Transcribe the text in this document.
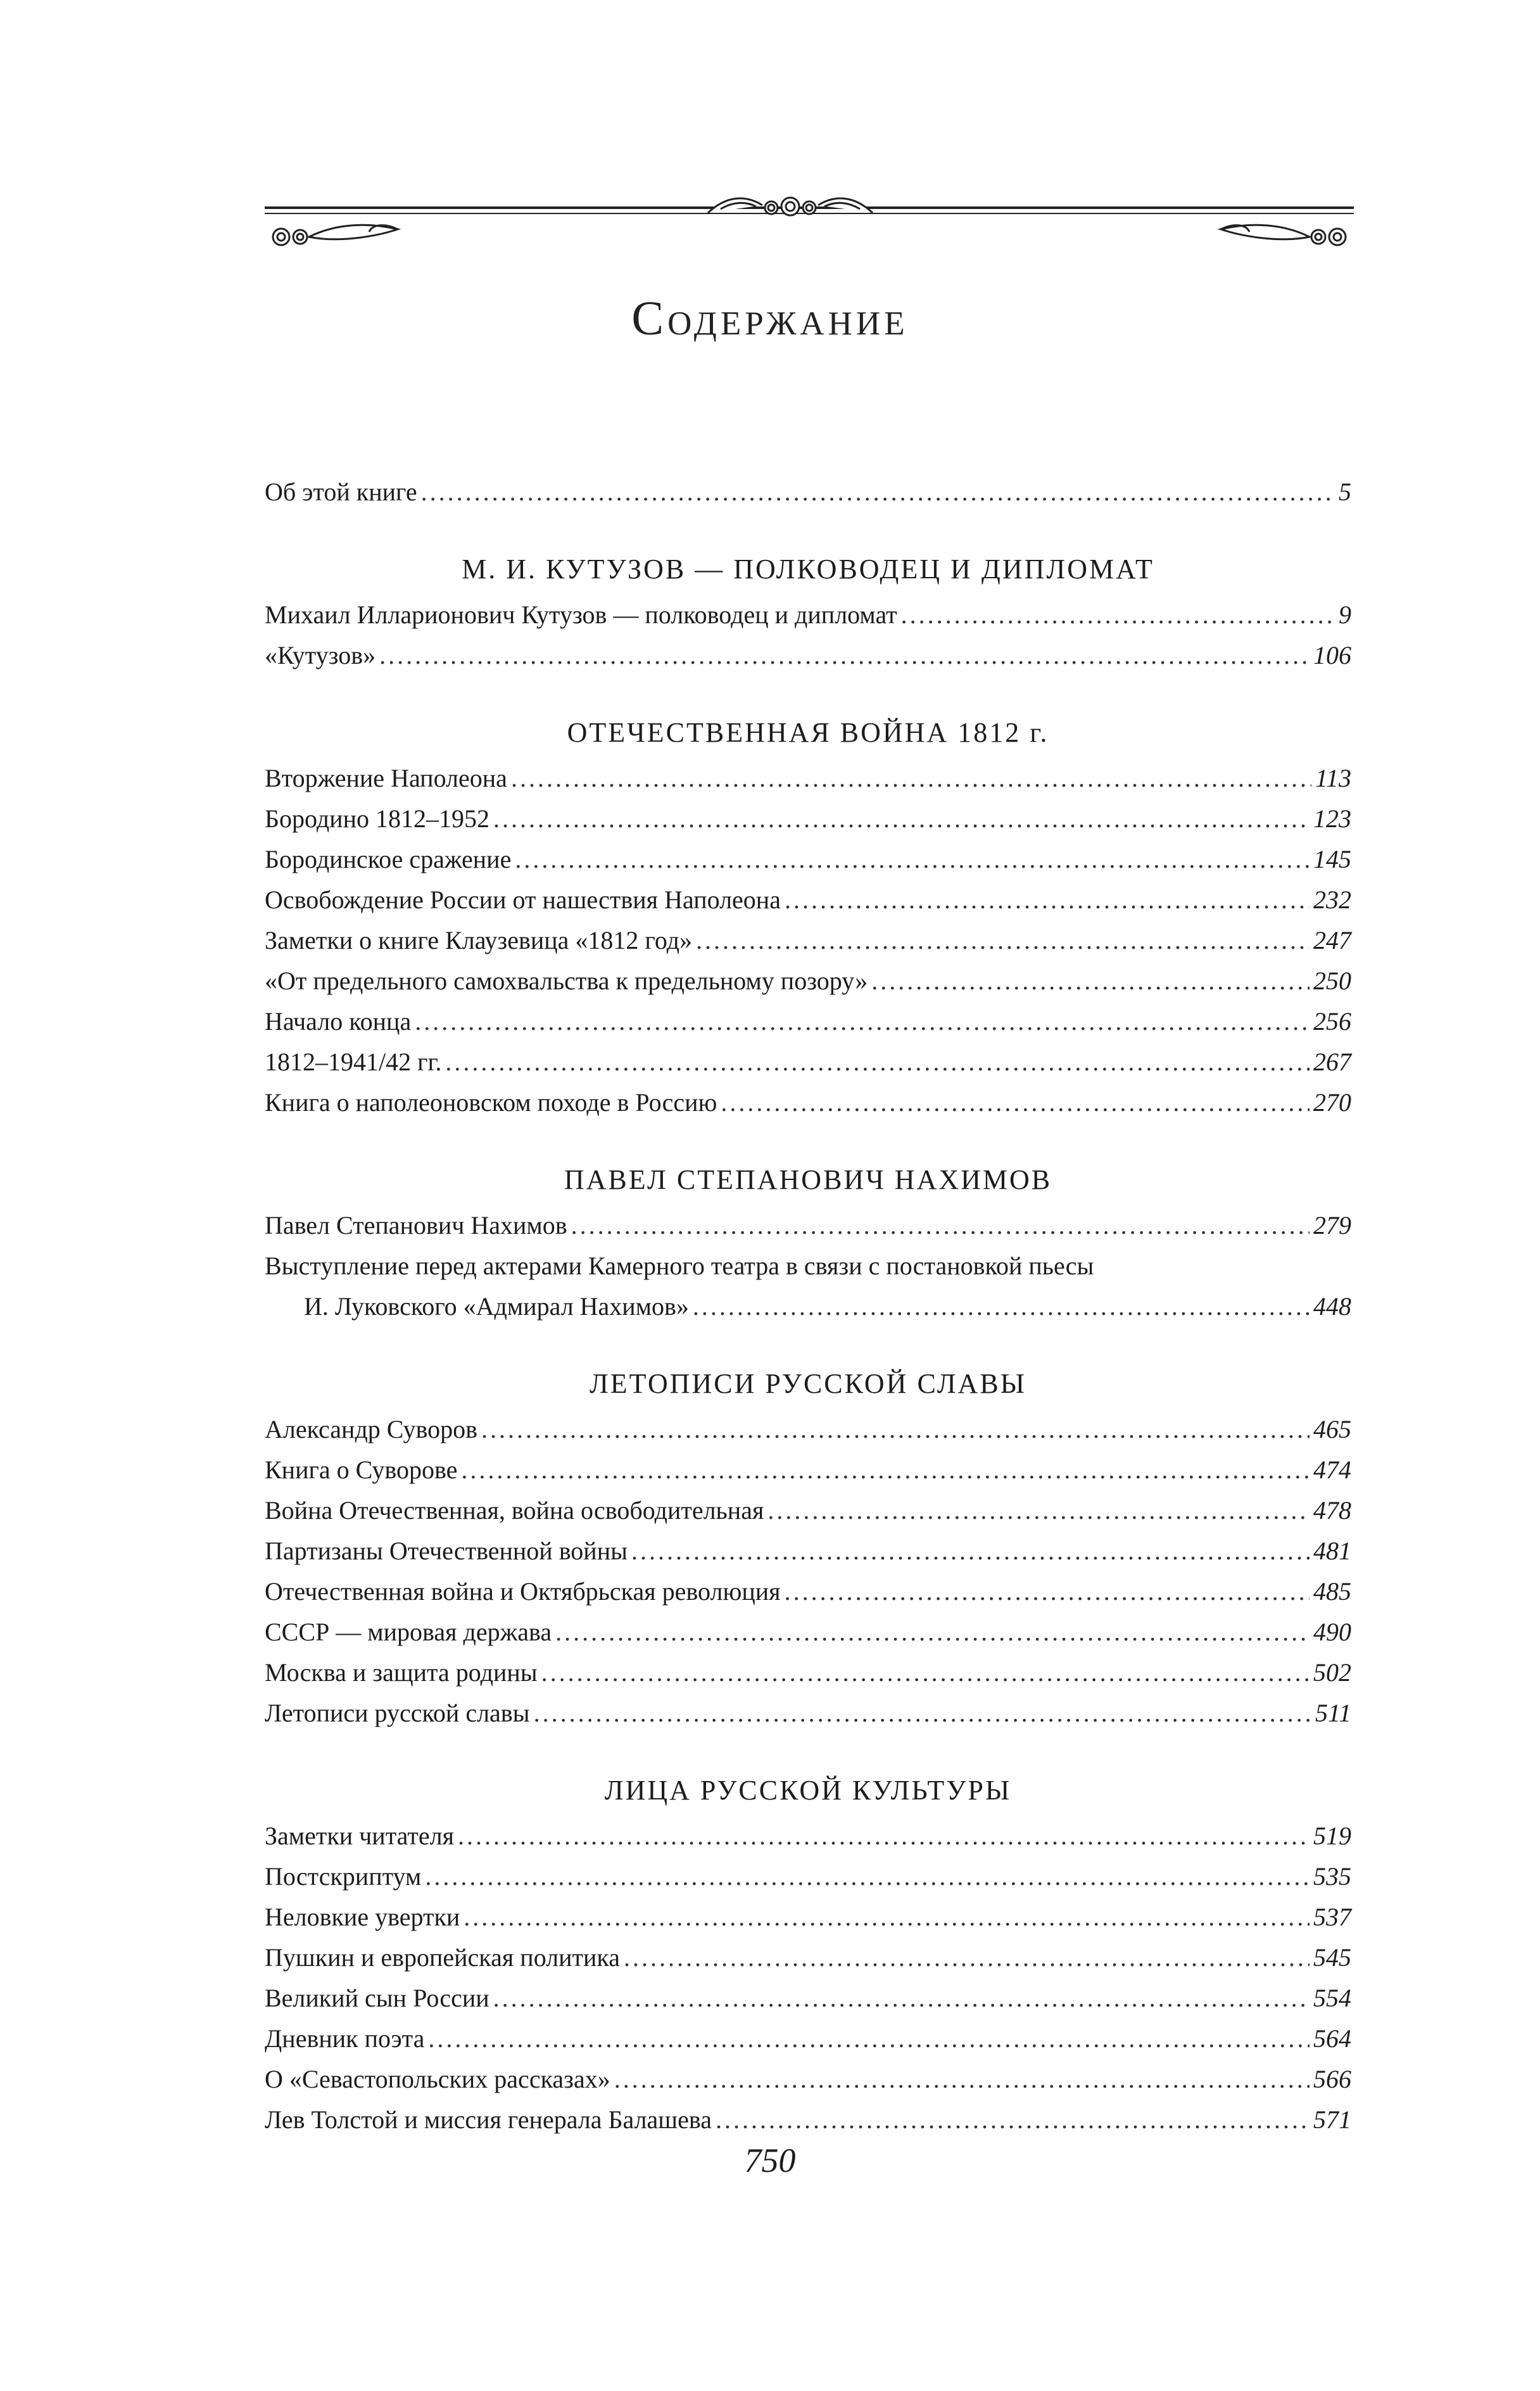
Содержание
Об этой книге . . .	5
М. И. КУТУЗОВ — ПОЛКОВОДЕЦ И ДИПЛОМАТ
Михаил Илларионович Кутузов — полководец и дипломат . . .	9
«Кутузов» . . .	106
ОТЕЧЕСТВЕННАЯ ВОЙНА 1812 г.
Вторжение Наполеона . . .	113
Бородино 1812–1952 . . .	123
Бородинское сражение . . .	145
Освобождение России от нашествия Наполеона . . .	232
Заметки о книге Клаузевица «1812 год» . . .	247
«От предельного самохвальства к предельному позору» . . .	250
Начало конца . . .	256
1812–1941/42 гг. . . .	267
Книга о наполеоновском походе в Россию . . .	270
ПАВЕЛ СТЕПАНОВИЧ НАХИМОВ
Павел Степанович Нахимов . . .	279
Выступление перед актерами Камерного театра в связи с постановкой пьесы
И. Луковского «Адмирал Нахимов» . . .	448
ЛЕТОПИСИ РУССКОЙ СЛАВЫ
Александр Суворов . . .	465
Книга о Суворове . . .	474
Война Отечественная, война освободительная . . .	478
Партизаны Отечественной войны . . .	481
Отечественная война и Октябрьская революция . . .	485
СССР — мировая держава . . .	490
Москва и защита родины . . .	502
Летописи русской славы . . .	511
ЛИЦА РУССКОЙ КУЛЬТУРЫ
Заметки читателя . . .	519
Постскриптум . . .	535
Неловкие увертки . . .	537
Пушкин и европейская политика . . .	545
Великий сын России . . .	554
Дневник поэта . . .	564
О «Севастопольских рассказах» . . .	566
Лев Толстой и миссия генерала Балашева . . .	571
750
